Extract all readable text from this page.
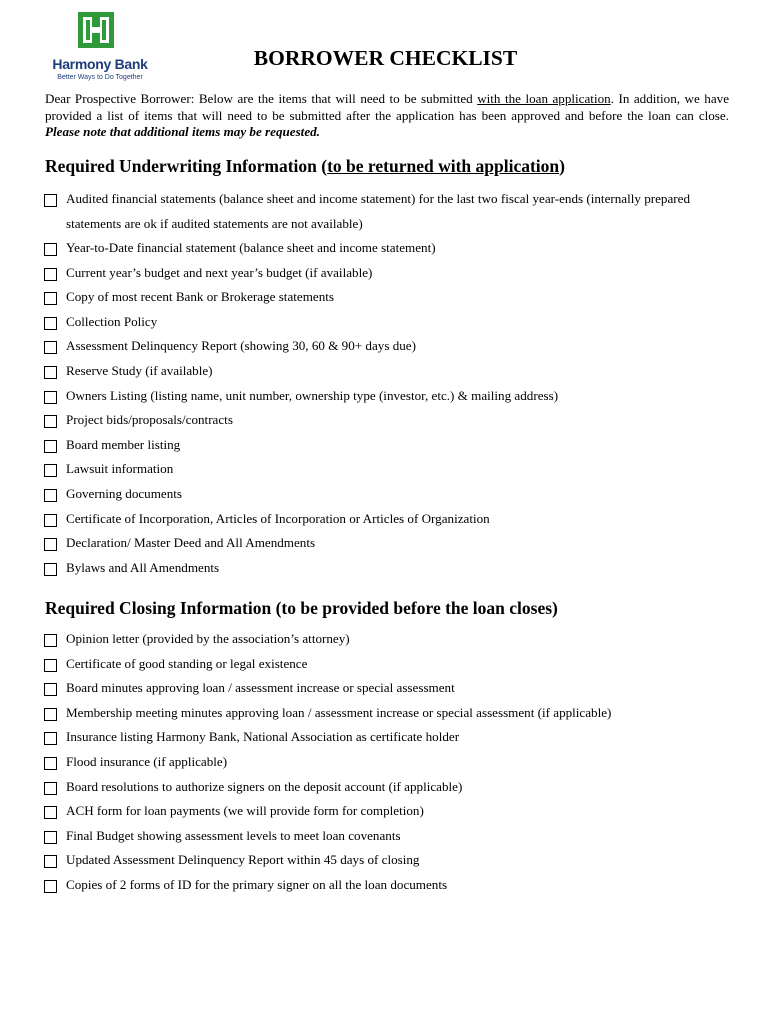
Harmony Bank
Better Ways to Do Together
BORROWER CHECKLIST
Dear Prospective Borrower: Below are the items that will need to be submitted with the loan application. In addition, we have provided a list of items that will need to be submitted after the application has been approved and before the loan can close. Please note that additional items may be requested.
Required Underwriting Information (to be returned with application)
Audited financial statements (balance sheet and income statement) for the last two fiscal year-ends (internally prepared statements are ok if audited statements are not available)
Year-to-Date financial statement (balance sheet and income statement)
Current year’s budget and next year’s budget (if available)
Copy of most recent Bank or Brokerage statements
Collection Policy
Assessment Delinquency Report (showing 30, 60 & 90+ days due)
Reserve Study (if available)
Owners Listing (listing name, unit number, ownership type (investor, etc.) & mailing address)
Project bids/proposals/contracts
Board member listing
Lawsuit information
Governing documents
Certificate of Incorporation, Articles of Incorporation or Articles of Organization
Declaration/ Master Deed and All Amendments
Bylaws and All Amendments
Required Closing Information (to be provided before the loan closes)
Opinion letter (provided by the association’s attorney)
Certificate of good standing or legal existence
Board minutes approving loan / assessment increase or special assessment
Membership meeting minutes approving loan / assessment increase or special assessment (if applicable)
Insurance listing Harmony Bank, National Association as certificate holder
Flood insurance (if applicable)
Board resolutions to authorize signers on the deposit account (if applicable)
ACH form for loan payments (we will provide form for completion)
Final Budget showing assessment levels to meet loan covenants
Updated Assessment Delinquency Report within 45 days of closing
Copies of 2 forms of ID for the primary signer on all the loan documents
